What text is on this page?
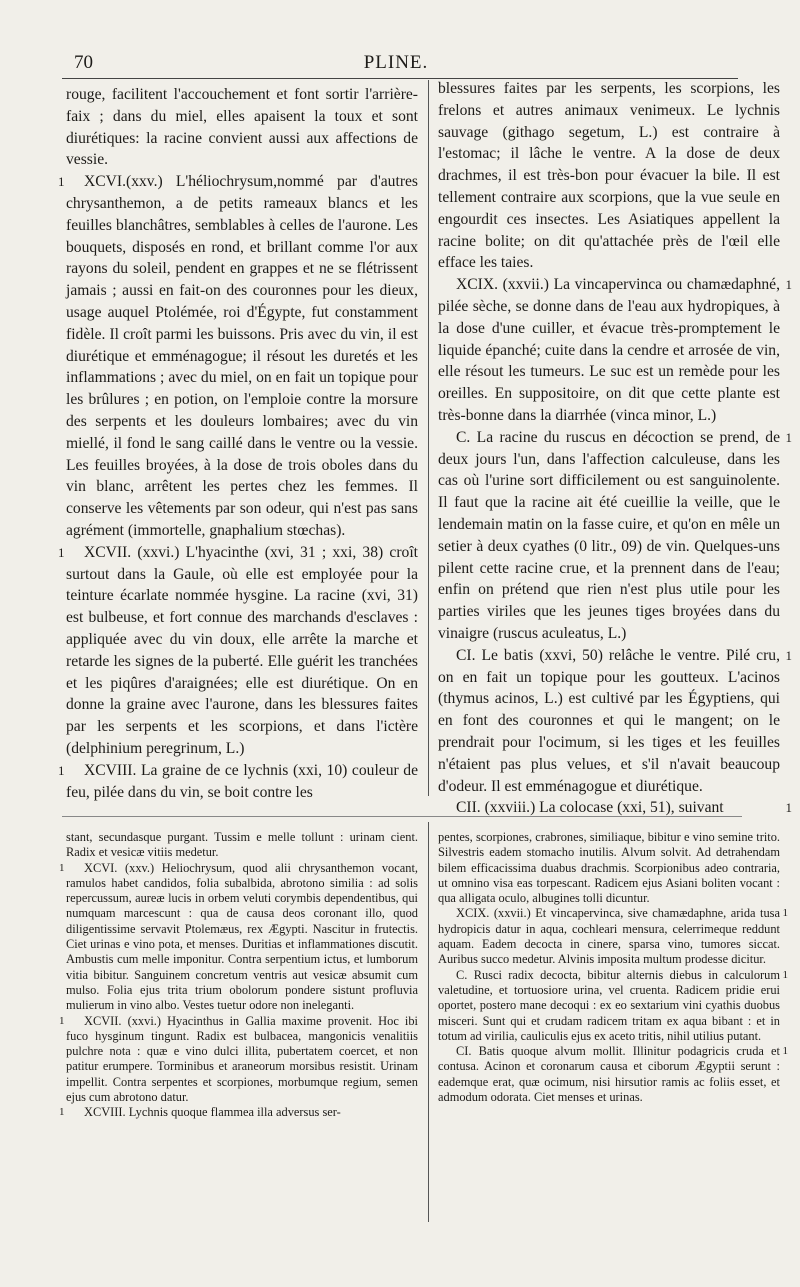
70	PLINE.

rouge, facilitent l'accouchement et font sortir l'arrière-faix ; dans du miel, elles apaisent la toux et sont diurétiques: la racine convient aussi aux affections de vessie.

1 XCVI.(xxv.) L'héliochrysum,nommé par d'autres chrysanthemon, a de petits rameaux blancs et les feuilles blanchâtres, semblables à celles de l'aurone. Les bouquets, disposés en rond, et brillant comme l'or aux rayons du soleil, pendent en grappes et ne se flétrissent jamais ; aussi en fait-on des couronnes pour les dieux, usage auquel Ptolémée, roi d'Égypte, fut constamment fidèle. Il croît parmi les buissons. Pris avec du vin, il est diurétique et emménagogue; il résout les duretés et les inflammations ; avec du miel, on en fait un topique pour les brûlures ; en potion, on l'emploie contre la morsure des serpents et les douleurs lombaires; avec du vin miellé, il fond le sang caillé dans le ventre ou la vessie. Les feuilles broyées, à la dose de trois oboles dans du vin blanc, arrêtent les pertes chez les femmes. Il conserve les vêtements par son odeur, qui n'est pas sans agrément (immortelle, gnaphalium stœchas).

1 XCVII. (xxvi.) L'hyacinthe (xvi, 31 ; xxi, 38) croît surtout dans la Gaule, où elle est employée pour la teinture écarlate nommée hysgine. La racine (xvi, 31) est bulbeuse, et fort connue des marchands d'esclaves : appliquée avec du vin doux, elle arrête la marche et retarde les signes de la puberté. Elle guérit les tranchées et les piqûres d'araignées; elle est diurétique. On en donne la graine avec l'aurone, dans les blessures faites par les serpents et les scorpions, et dans l'ictère (delphinium peregrinum, L.)

1 XCVIII. La graine de ce lychnis (xxi, 10) couleur de feu, pilée dans du vin, se boit contre les

blessures faites par les serpents, les scorpions, les frelons et autres animaux venimeux. Le lychnis sauvage (githago segetum, L.) est contraire à l'estomac; il lâche le ventre. A la dose de deux drachmes, il est très-bon pour évacuer la bile. Il est tellement contraire aux scorpions, que la vue seule en engourdit ces insectes. Les Asiatiques appellent la racine bolite; on dit qu'attachée près de l'œil elle efface les taies.

1
XCIX. (xxvii.) La vincapervinca ou chamædaphné, pilée sèche, se donne dans de l'eau aux hydropiques, à la dose d'une cuiller, et évacue très-promptement le liquide épanché; cuite dans la cendre et arrosée de vin, elle résout les tumeurs. Le suc est un remède pour les oreilles. En suppositoire, on dit que cette plante est très-bonne dans la diarrhée (vinca minor, L.)

1
C. La racine du ruscus en décoction se prend, de deux jours l'un, dans l'affection calculeuse, dans les cas où l'urine sort difficilement ou est sanguinolente. Il faut que la racine ait été cueillie la veille, que le lendemain matin on la fasse cuire, et qu'on en mêle un setier à deux cyathes (0 litr., 09) de vin. Quelques-uns pilent cette racine crue, et la prennent dans de l'eau; enfin on prétend que rien n'est plus utile pour les parties viriles que les jeunes tiges broyées dans du vinaigre (ruscus aculeatus, L.)

1
CI. Le batis (xxvi, 50) relâche le ventre. Pilé cru, on en fait un topique pour les goutteux. L'acinos (thymus acinos, L.) est cultivé par les Égyptiens, qui en font des couronnes et qui le mangent; on le prendrait pour l'ocimum, si les tiges et les feuilles n'étaient pas plus velues, et s'il n'avait beaucoup d'odeur. Il est emménagogue et diurétique.

1
CII. (xxviii.) La colocase (xxi, 51), suivant

stant, secundasque purgant. Tussim e melle tollunt : urinam cient. Radix et vesicæ vitiis medetur.

1 XCVI. (xxv.) Heliochrysum, quod alii chrysanthemon vocant, ramulos habet candidos, folia subalbida, abrotono similia : ad solis repercussum, aureæ lucis in orbem veluti corymbis dependentibus, qui numquam marcescunt : qua de causa deos coronant illo, quod diligentissime servavit Ptolemæus, rex Ægypti. Nascitur in frutectis. Ciet urinas e vino pota, et menses. Duritias et inflammationes discutit. Ambustis cum melle imponitur. Contra serpentium ictus, et lumborum vitia bibitur. Sanguinem concretum ventris aut vesicæ absumit cum mulso. Folia ejus trita trium obolorum pondere sistunt profluvia mulierum in vino albo. Vestes tuetur odore non ineleganti.

1 XCVII. (xxvi.) Hyacinthus in Gallia maxime provenit. Hoc ibi fuco hysginum tingunt. Radix est bulbacea, mangonicis venalitiis pulchre nota : quæ e vino dulci illita, pubertatem coercet, et non patitur erumpere. Torminibus et araneorum morsibus resistit. Urinam impellit. Contra serpentes et scorpiones, morbumque regium, semen ejus cum abrotono datur.

1 XCVIII. Lychnis quoque flammea illa adversus ser-

pentes, scorpiones, crabrones, similiaque, bibitur e vino semine trito. Silvestris eadem stomacho inutilis. Alvum solvit. Ad detrahendam bilem efficacissima duabus drachmis. Scorpionibus adeo contraria, ut omnino visa eas torpescant. Radicem ejus Asiani boliten vocant : qua alligata oculo, albugines tolli dicuntur.

1
XCIX. (xxvii.) Et vincapervinca, sive chamædaphne, arida tusa hydropicis datur in aqua, cochleari mensura, celerrimeque reddunt aquam. Eadem decocta in cinere, sparsa vino, tumores siccat. Auribus succo medetur. Alvinis imposita multum prodesse dicitur.

1
C. Rusci radix decocta, bibitur alternis diebus in calculorum valetudine, et tortuosiore urina, vel cruenta. Radicem pridie erui oportet, postero mane decoqui : ex eo sextarium vini cyathis duobus misceri. Sunt qui et crudam radicem tritam ex aqua bibant : et in totum ad virilia, cauliculis ejus ex aceto tritis, nihil utilius putant.

1
CI. Batis quoque alvum mollit. Illinitur podagricis cruda et contusa. Acinon et coronarum causa et ciborum Ægyptii serunt : eademque erat, quæ ocimum, nisi hirsutior ramis ac foliis esset, et admodum odorata. Ciet menses et urinas.
